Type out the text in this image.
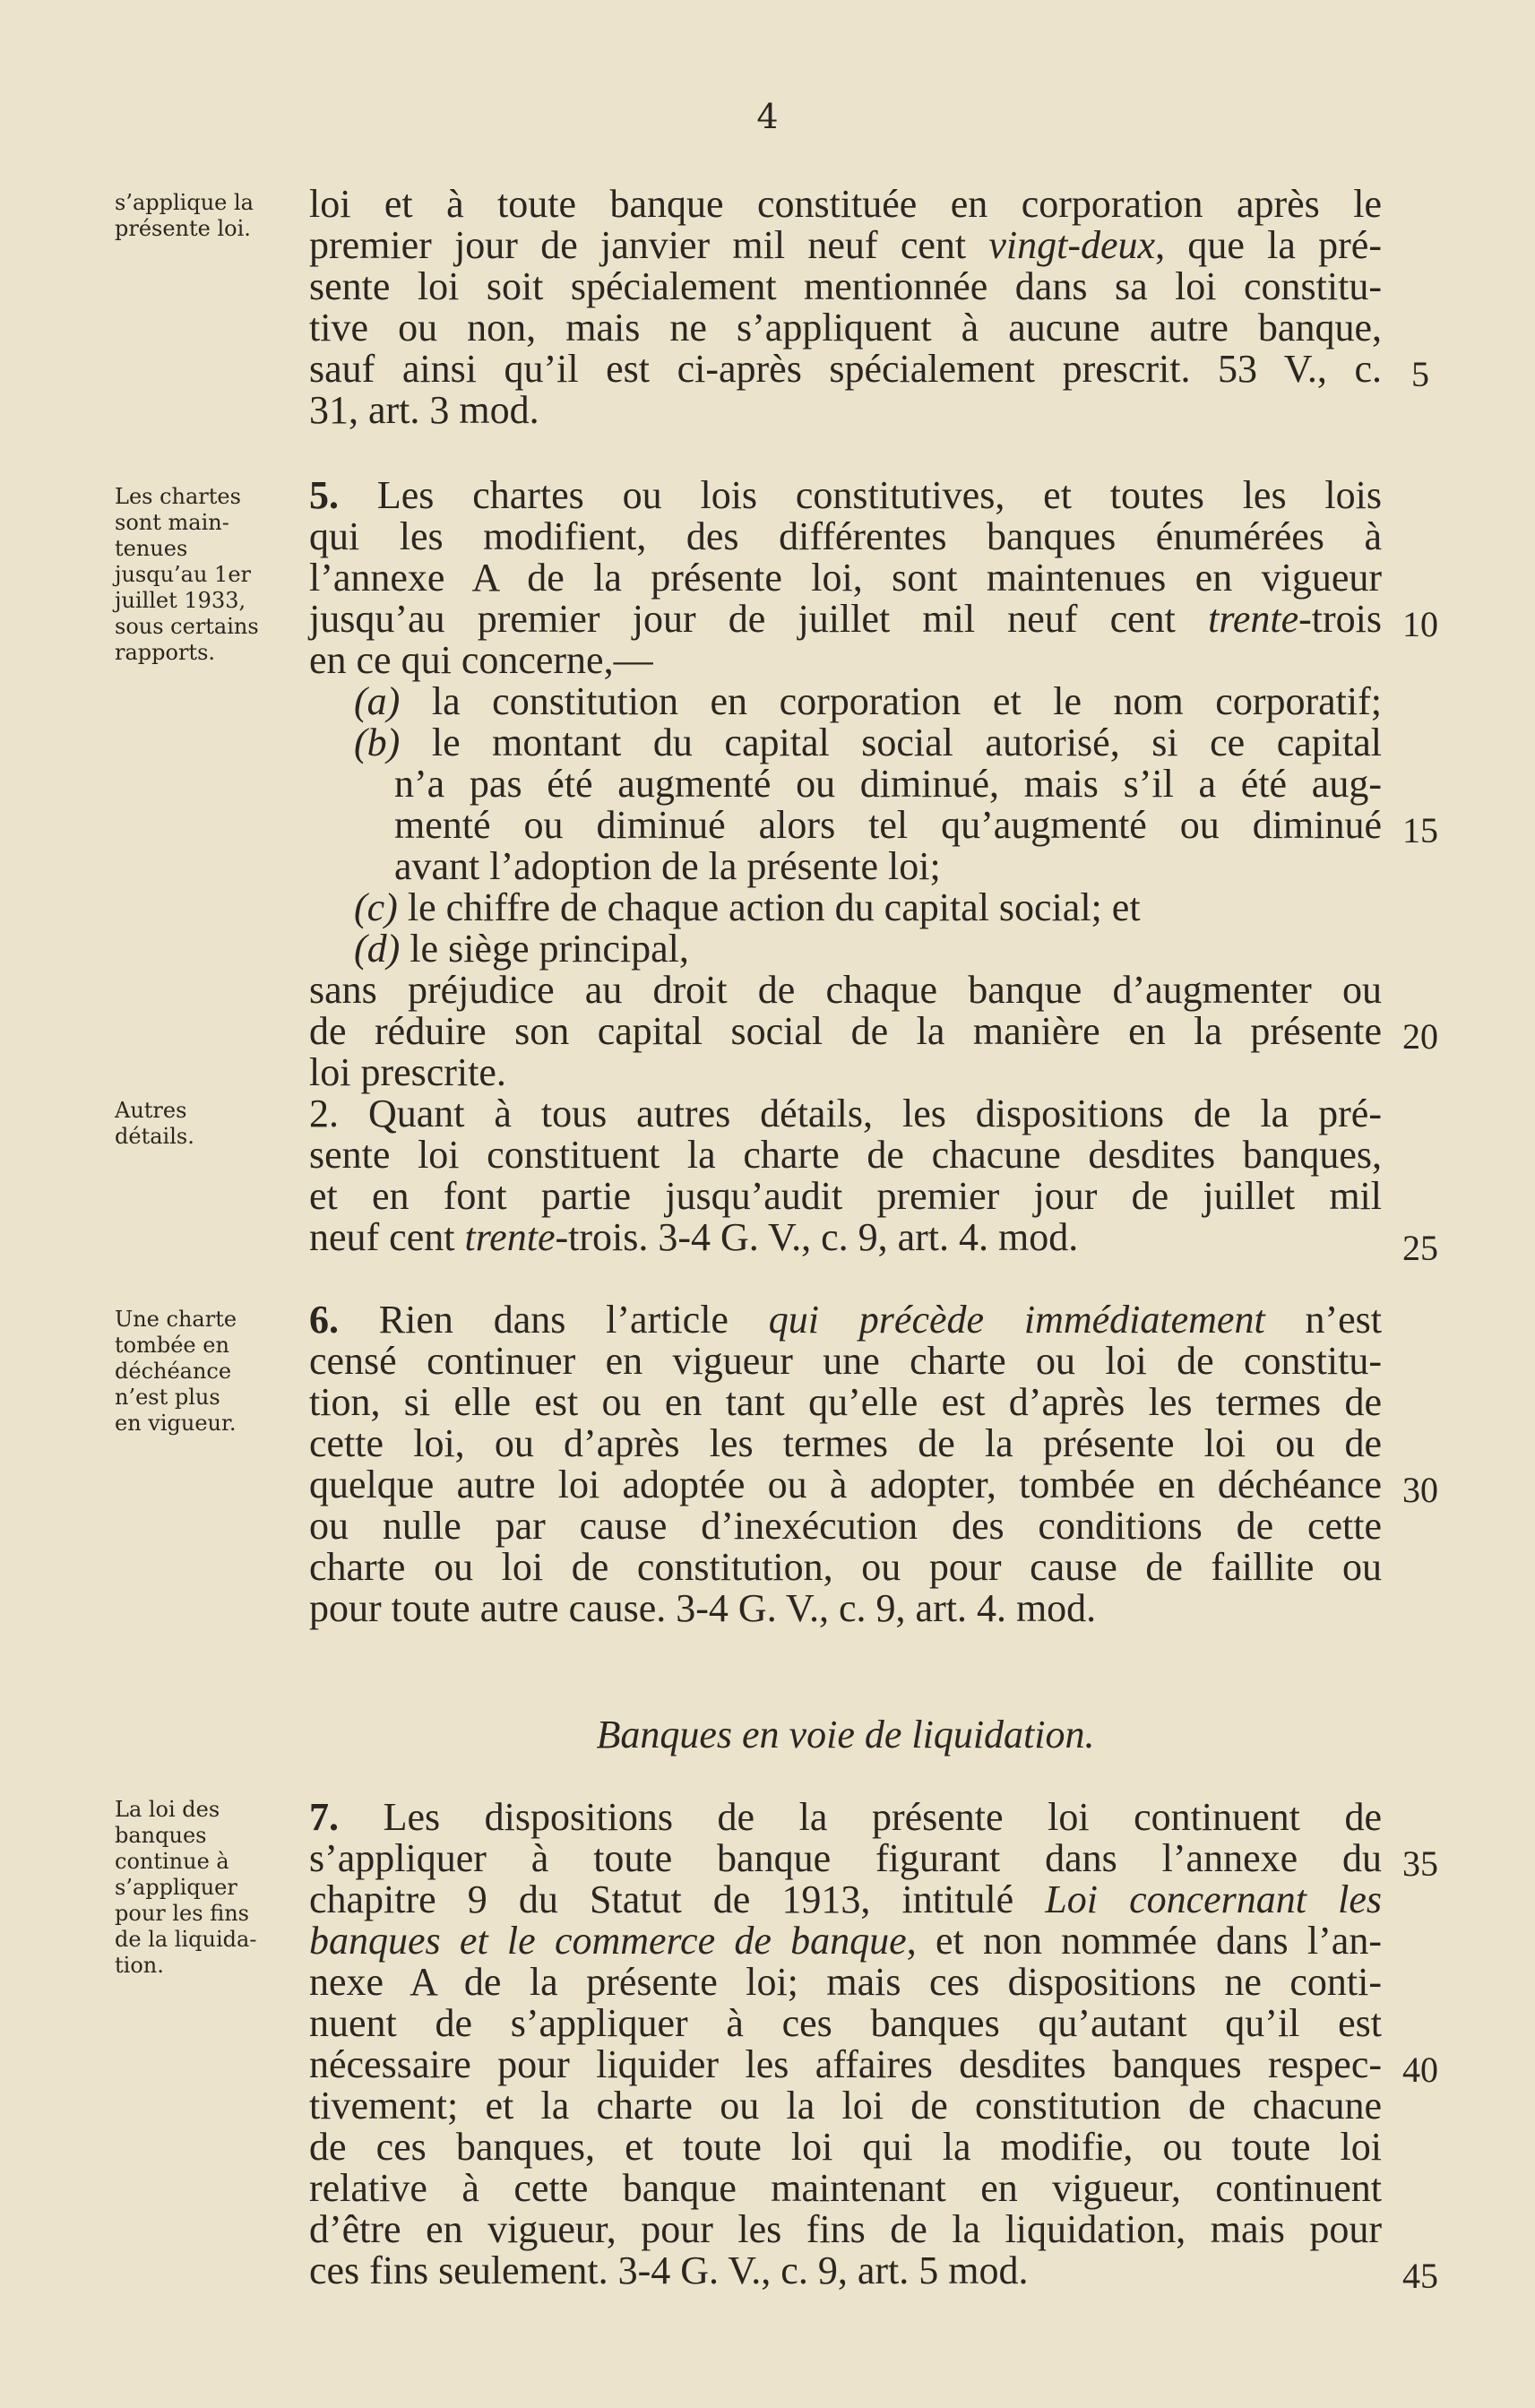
4
s’applique la
présente loi.
Les chartes
sont main-
tenues
jusqu’au 1er
juillet 1933,
sous certains
rapports.
Autres
détails.
Une charte
tombée en
déchéance
n’est plus
en vigueur.
La loi des
banques
continue à
s’appliquer
pour les fins
de la liquida-
tion.
loi et à toute banque constituée en corporation après le
premier jour de janvier mil neuf cent vingt-deux, que la pré-
sente loi soit spécialement mentionnée dans sa loi constitu-
tive ou non, mais ne s’appliquent à aucune autre banque,
sauf ainsi qu’il est ci-après spécialement prescrit. 53 V., c.
31, art. 3 mod.
5. Les chartes ou lois constitutives, et toutes les lois
qui les modifient, des différentes banques énumérées à
l’annexe A de la présente loi, sont maintenues en vigueur
jusqu’au premier jour de juillet mil neuf cent trente-trois
en ce qui concerne,—
(a) la constitution en corporation et le nom corporatif;
(b) le montant du capital social autorisé, si ce capital
n’a pas été augmenté ou diminué, mais s’il a été aug-
menté ou diminué alors tel qu’augmenté ou diminué
avant l’adoption de la présente loi;
(c) le chiffre de chaque action du capital social; et
(d) le siège principal,
sans préjudice au droit de chaque banque d’augmenter ou
de réduire son capital social de la manière en la présente
loi prescrite.
2. Quant à tous autres détails, les dispositions de la pré-
sente loi constituent la charte de chacune desdites banques,
et en font partie jusqu’audit premier jour de juillet mil
neuf cent trente-trois. 3-4 G. V., c. 9, art. 4. mod.
6. Rien dans l’article qui précède immédiatement n’est
censé continuer en vigueur une charte ou loi de constitu-
tion, si elle est ou en tant qu’elle est d’après les termes de
cette loi, ou d’après les termes de la présente loi ou de
quelque autre loi adoptée ou à adopter, tombée en déchéance
ou nulle par cause d’inexécution des conditions de cette
charte ou loi de constitution, ou pour cause de faillite ou
pour toute autre cause. 3-4 G. V., c. 9, art. 4. mod.
Banques en voie de liquidation.
7. Les dispositions de la présente loi continuent de
s’appliquer à toute banque figurant dans l’annexe du
chapitre 9 du Statut de 1913, intitulé Loi concernant les
banques et le commerce de banque, et non nommée dans l’an-
nexe A de la présente loi; mais ces dispositions ne conti-
nuent de s’appliquer à ces banques qu’autant qu’il est
nécessaire pour liquider les affaires desdites banques respec-
tivement; et la charte ou la loi de constitution de chacune
de ces banques, et toute loi qui la modifie, ou toute loi
relative à cette banque maintenant en vigueur, continuent
d’être en vigueur, pour les fins de la liquidation, mais pour
ces fins seulement. 3-4 G. V., c. 9, art. 5 mod.
5
10
15
20
25
30
35
40
45
